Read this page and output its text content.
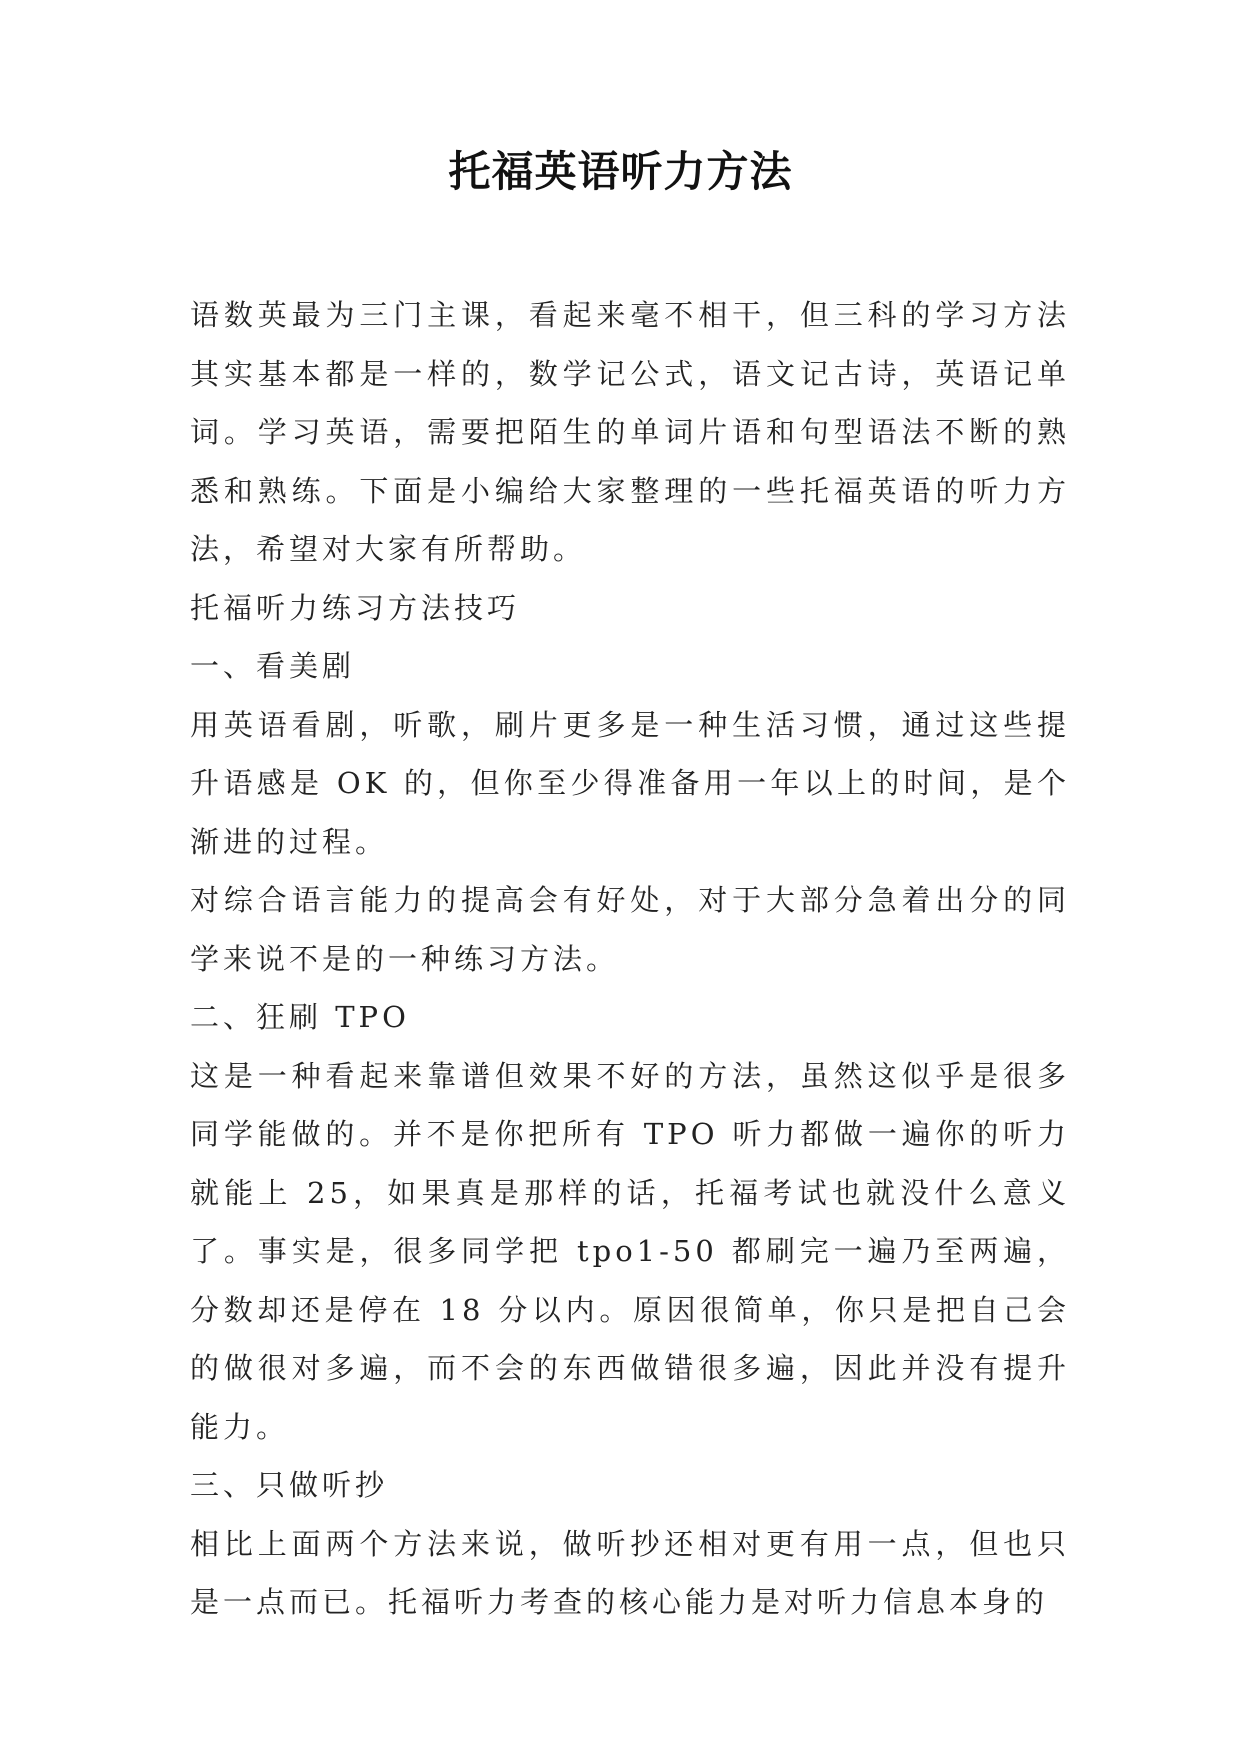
托福英语听力方法

语数英最为三门主课，看起来毫不相干，但三科的学习方法其实基本都是一样的，数学记公式，语文记古诗，英语记单词。学习英语，需要把陌生的单词片语和句型语法不断的熟悉和熟练。下面是小编给大家整理的一些托福英语的听力方法，希望对大家有所帮助。

托福听力练习方法技巧

一、看美剧

用英语看剧，听歌，刷片更多是一种生活习惯，通过这些提升语感是 OK 的，但你至少得准备用一年以上的时间，是个渐进的过程。

对综合语言能力的提高会有好处，对于大部分急着出分的同学来说不是的一种练习方法。

二、狂刷 TPO

这是一种看起来靠谱但效果不好的方法，虽然这似乎是很多同学能做的。并不是你把所有 TPO 听力都做一遍你的听力就能上 25，如果真是那样的话，托福考试也就没什么意义了。事实是，很多同学把 tpo1-50 都刷完一遍乃至两遍，分数却还是停在 18 分以内。原因很简单，你只是把自己会的做很对多遍，而不会的东西做错很多遍，因此并没有提升能力。

三、只做听抄

相比上面两个方法来说，做听抄还相对更有用一点，但也只是一点而已。托福听力考查的核心能力是对听力信息本身的
